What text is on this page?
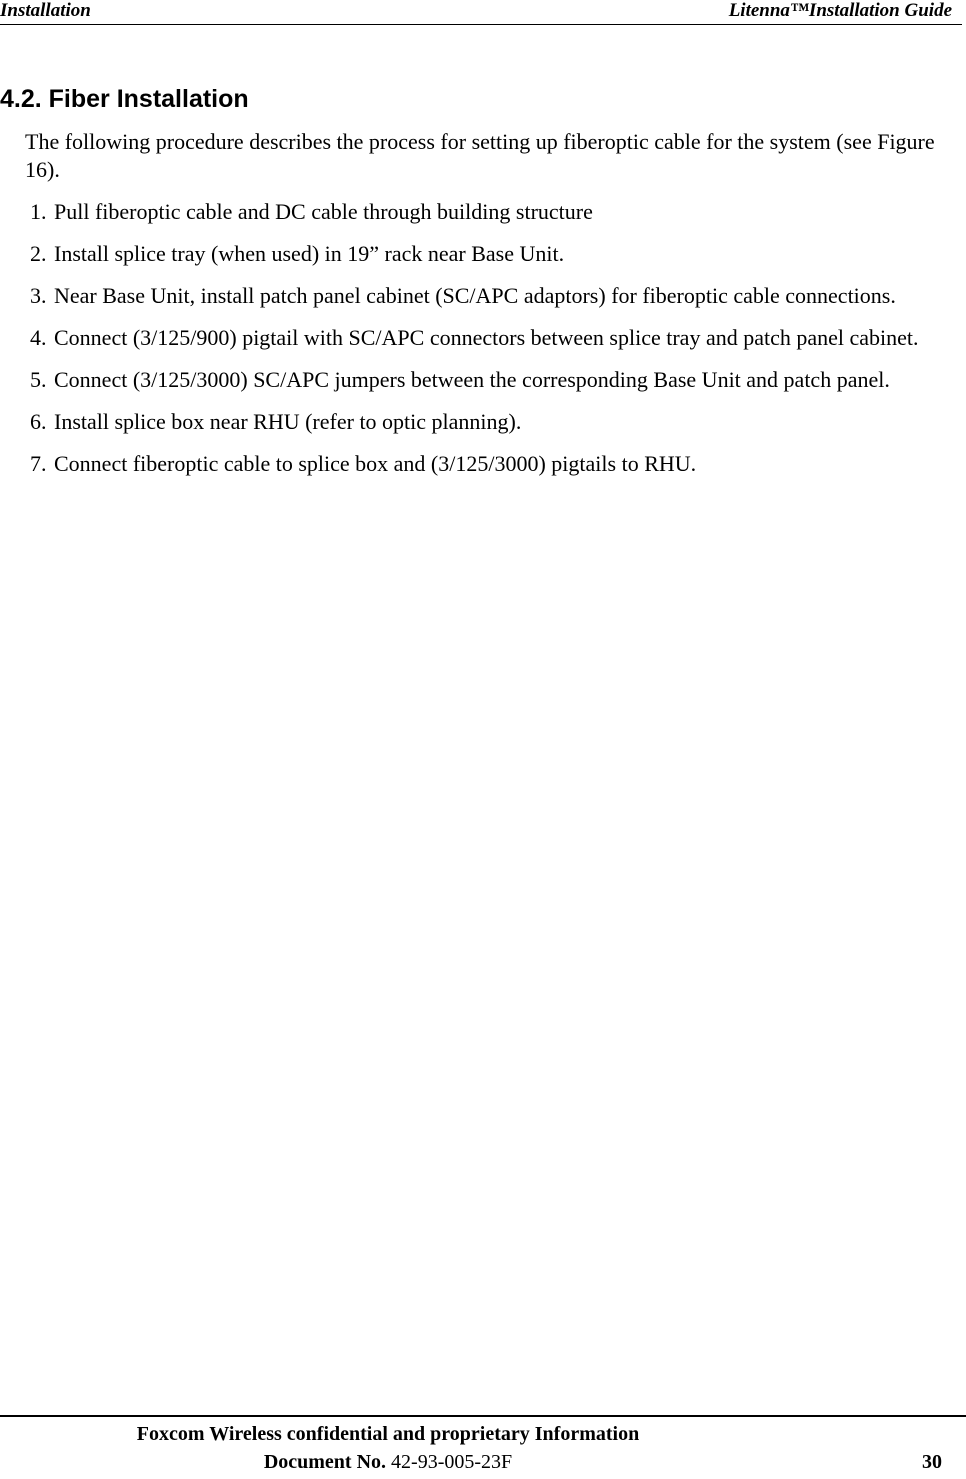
Installation	Litenna™Installation Guide
4.2. Fiber Installation

The following procedure describes the process for setting up fiberoptic cable for the system (see Figure 16).

1. Pull fiberoptic cable and DC cable through building structure
2. Install splice tray (when used) in 19” rack near Base Unit.
3. Near Base Unit, install patch panel cabinet (SC/APC adaptors) for fiberoptic cable connections.
4. Connect (3/125/900) pigtail with SC/APC connectors between splice tray and patch panel cabinet.
5. Connect (3/125/3000) SC/APC jumpers between the corresponding Base Unit and patch panel.
6. Install splice box near RHU (refer to optic planning).
7. Connect fiberoptic cable to splice box and (3/125/3000) pigtails to RHU.
Foxcom Wireless confidential and proprietary Information
Document No. 42-93-005-23F	30
